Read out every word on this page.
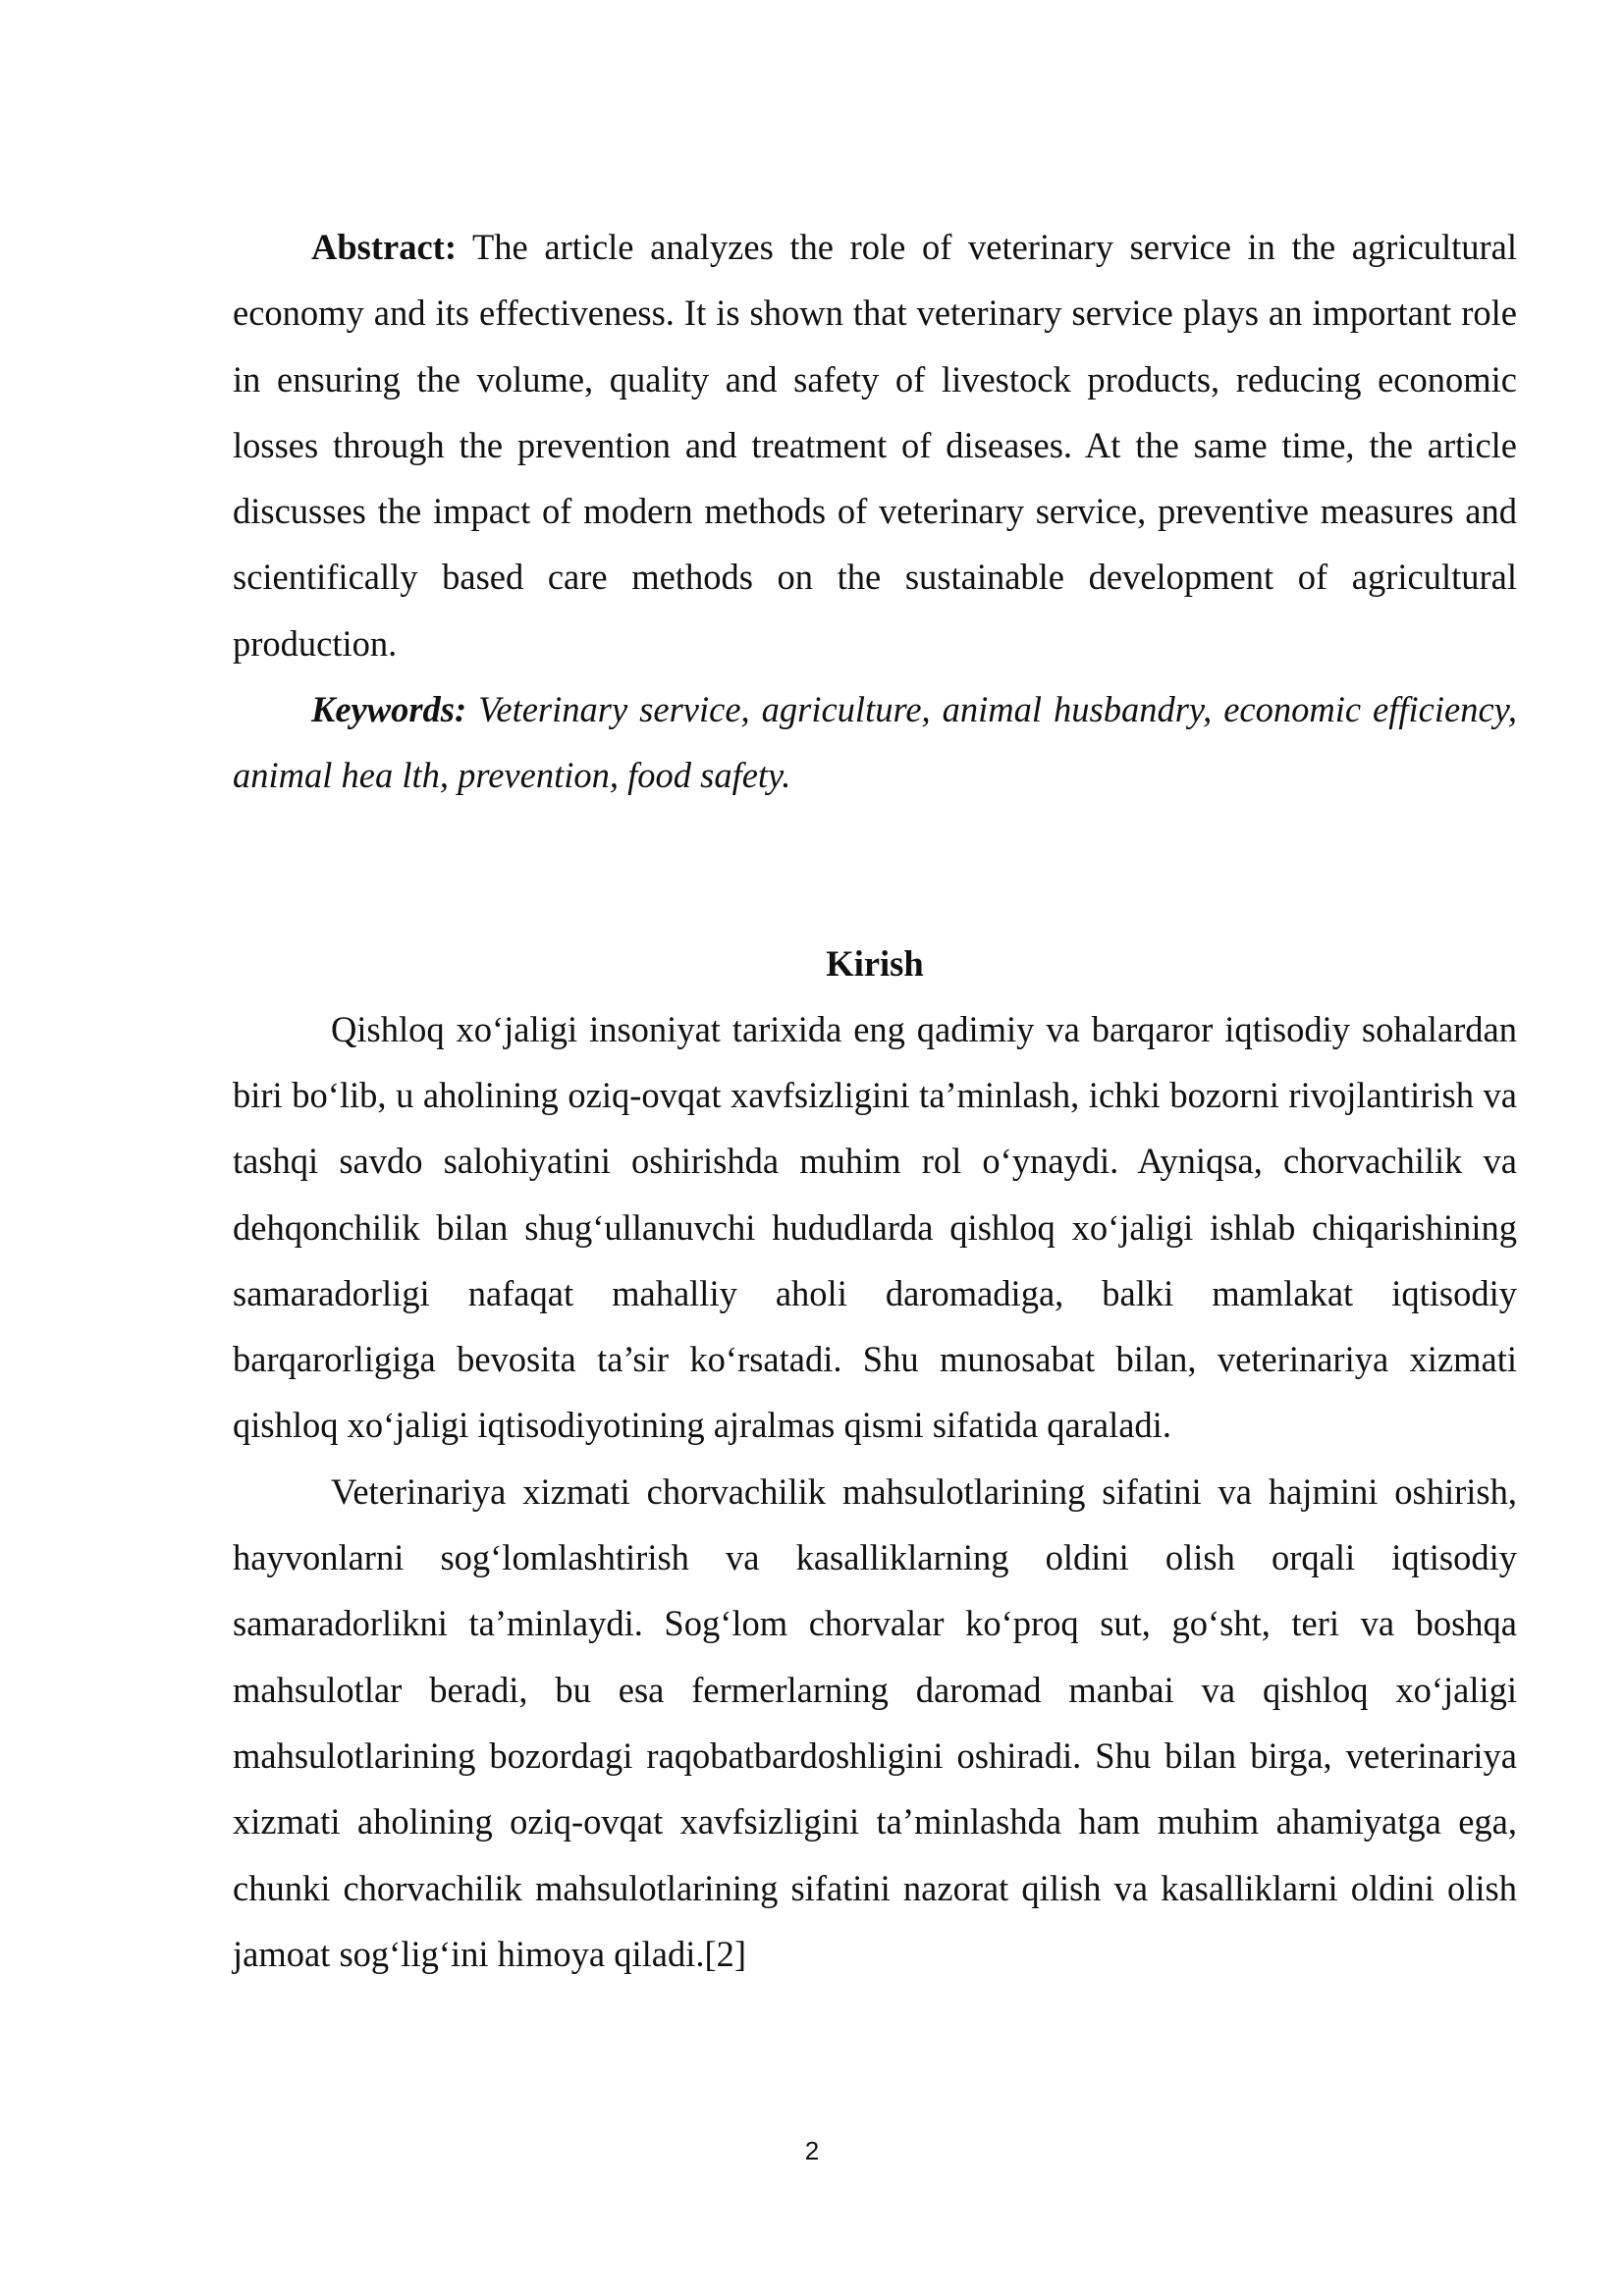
Abstract: The article analyzes the role of veterinary service in the agricultural economy and its effectiveness. It is shown that veterinary service plays an important role in ensuring the volume, quality and safety of livestock products, reducing economic losses through the prevention and treatment of diseases. At the same time, the article discusses the impact of modern methods of veterinary service, preventive measures and scientifically based care methods on the sustainable development of agricultural production.

Keywords: Veterinary service, agriculture, animal husbandry, economic efficiency, animal hea lth, prevention, food safety.

Kirish

Qishloq xo‘jaligi insoniyat tarixida eng qadimiy va barqaror iqtisodiy sohalardan biri bo‘lib, u aholining oziq-ovqat xavfsizligini ta’minlash, ichki bozorni rivojlantirish va tashqi savdo salohiyatini oshirishda muhim rol o‘ynaydi. Ayniqsa, chorvachilik va dehqonchilik bilan shug‘ullanuvchi hududlarda qishloq xo‘jaligi ishlab chiqarishining samaradorligi nafaqat mahalliy aholi daromadiga, balki mamlakat iqtisodiy barqarorligiga bevosita ta’sir ko‘rsatadi. Shu munosabat bilan, veterinariya xizmati qishloq xo‘jaligi iqtisodiyotining ajralmas qismi sifatida qaraladi.

Veterinariya xizmati chorvachilik mahsulotlarining sifatini va hajmini oshirish, hayvonlarni sog‘lomlashtirish va kasalliklarning oldini olish orqali iqtisodiy samaradorlikni ta’minlaydi. Sog‘lom chorvalar ko‘proq sut, go‘sht, teri va boshqa mahsulotlar beradi, bu esa fermerlarning daromad manbai va qishloq xo‘jaligi mahsulotlarining bozordagi raqobatbardoshligini oshiradi. Shu bilan birga, veterinariya xizmati aholining oziq-ovqat xavfsizligini ta’minlashda ham muhim ahamiyatga ega, chunki chorvachilik mahsulotlarining sifatini nazorat qilish va kasalliklarni oldini olish jamoat sog‘lig‘ini himoya qiladi.[2]

2
